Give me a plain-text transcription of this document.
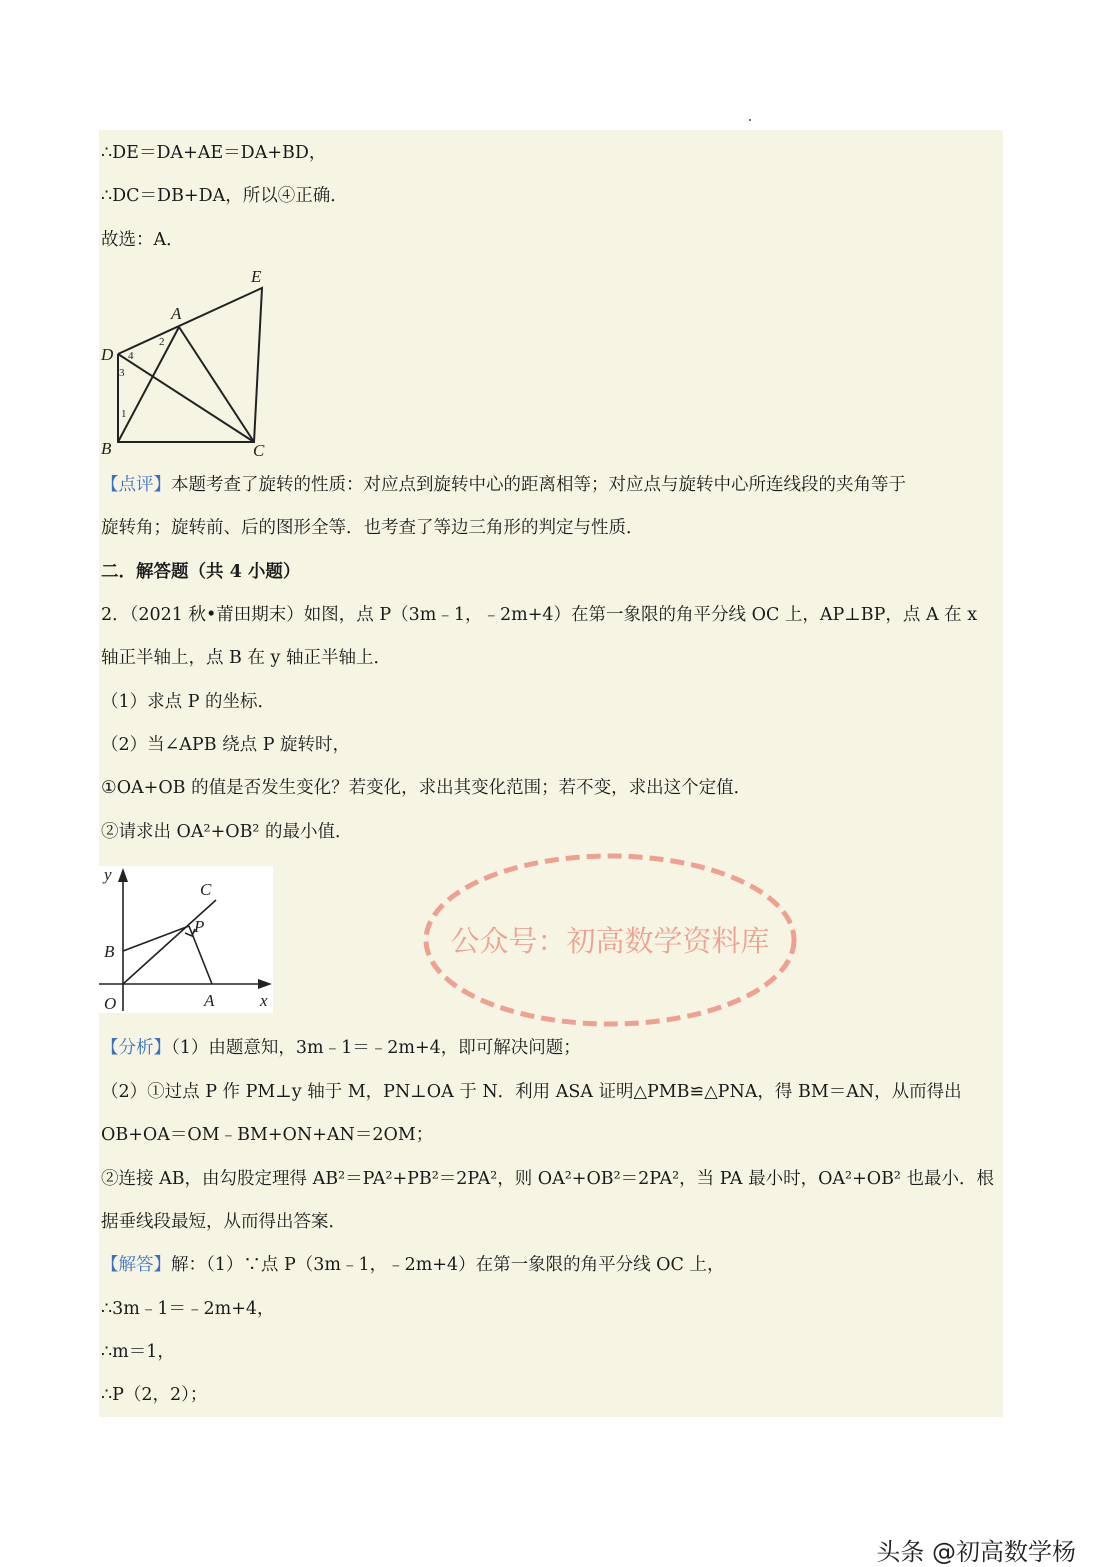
∴DE＝DA+AE＝DA+BD，
∴DC＝DB+DA，所以④正确．
故选：A．
E
A
D
B	C
2
4
3
1
【点评】本题考查了旋转的性质：对应点到旋转中心的距离相等；对应点与旋转中心所连线段的夹角等于
旋转角；旋转前、后的图形全等．也考查了等边三角形的判定与性质．
二．解答题（共 4 小题）
2．（2021 秋•莆田期末）如图，点 P（3m﹣1，﹣2m+4）在第一象限的角平分线 OC 上，AP⊥BP，点 A 在 x
轴正半轴上，点 B 在 y 轴正半轴上．
（1）求点 P 的坐标．
（2）当∠APB 绕点 P 旋转时，
①OA+OB 的值是否发生变化？若变化，求出其变化范围；若不变，求出这个定值．
②请求出 OA²+OB² 的最小值．
y
x
O	A
B
C
P	公众号：初高数学资料库
【分析】（1）由题意知，3m﹣1＝﹣2m+4，即可解决问题；
（2）①过点 P 作 PM⊥y 轴于 M，PN⊥OA 于 N．利用 ASA 证明△PMB≌△PNA，得 BM＝AN，从而得出
OB+OA＝OM﹣BM+ON+AN＝2OM；
②连接 AB，由勾股定理得 AB²＝PA²+PB²＝2PA²，则 OA²+OB²＝2PA²，当 PA 最小时，OA²+OB² 也最小．根
据垂线段最短，从而得出答案．
【解答】解：（1）∵点 P（3m﹣1，﹣2m+4）在第一象限的角平分线 OC 上，
∴3m﹣1＝﹣2m+4，
∴m＝1，
∴P（2，2）；
头条 @初高数学杨
